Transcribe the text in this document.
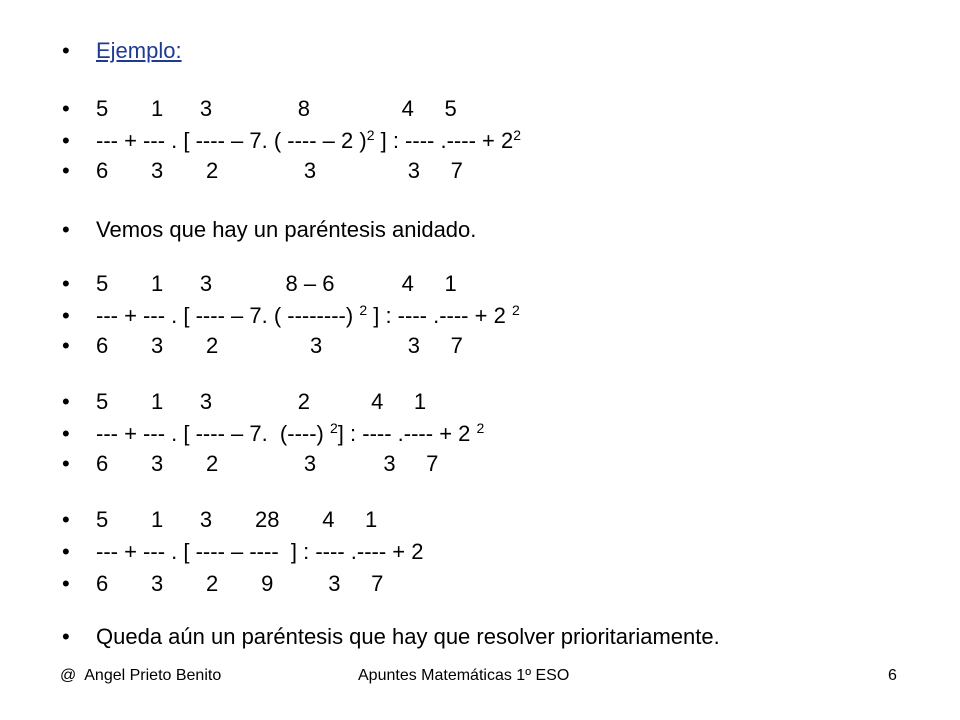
•

	Ejemplo:

•

	5       1      3              8               4     5

•

	--- + --- . [ ---- – 7. ( ---- – 2 )$^2$ ] : ---- .---- + $2^2$

•

	6       3       2              3               3     7

•

	Vemos que hay un paréntesis anidado.

•

	5       1      3            8 – 6           4     1

•

	--- + --- . [ ---- – 7. ( --------) $^2$ ] : ---- .---- + 2 $^2$

•

	6       3       2               3              3     7

•

	5       1      3              2          4     1

•

	--- + --- . [ ---- – 7.  (----) $^2$] : ---- .---- + 2 $^2$

•

	6       3       2              3           3     7

•

	5       1      3       28       4     1

•

	--- + --- . [ ---- – ----  ] : ---- .---- + 2

•

	6       3       2       9         3     7

•

	Queda aún un paréntesis que hay que resolver prioritariamente.

@  Angel Prieto Benito	Apuntes Matemáticas 1º ESO	6
